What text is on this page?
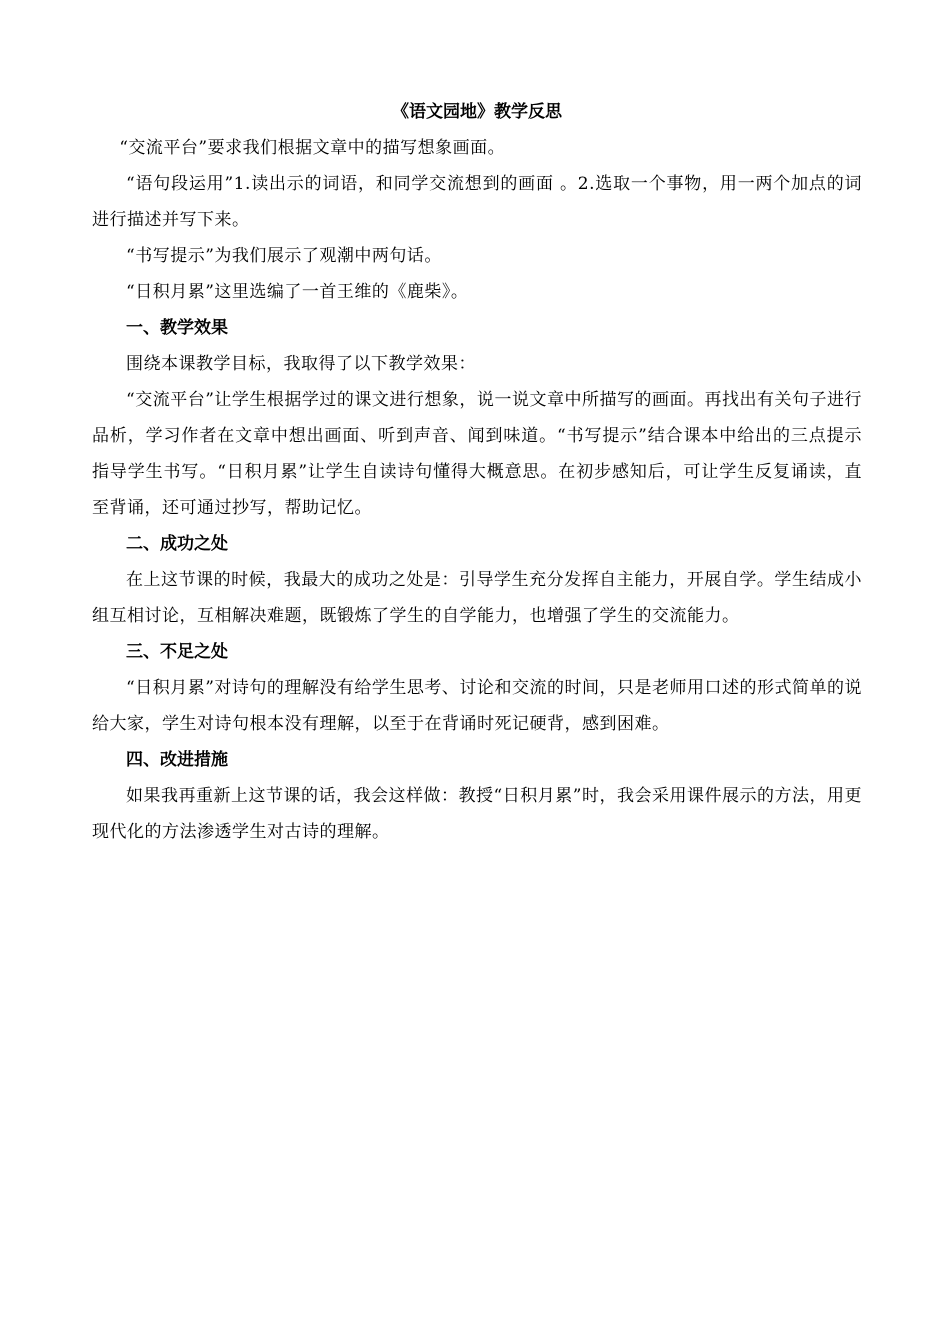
《语文园地》教学反思

“交流平台”要求我们根据文章中的描写想象画面。

“语句段运用”1.读出示的词语，和同学交流想到的画面 。2.选取一个事物，用一两个加点的词进行描述并写下来。

“书写提示”为我们展示了观潮中两句话。

“日积月累”这里选编了一首王维的《鹿柴》。

一、教学效果

围绕本课教学目标，我取得了以下教学效果：

“交流平台”让学生根据学过的课文进行想象，说一说文章中所描写的画面。再找出有关句子进行品析，学习作者在文章中想出画面、听到声音、闻到味道。“书写提示”结合课本中给出的三点提示指导学生书写。“日积月累”让学生自读诗句懂得大概意思。在初步感知后，可让学生反复诵读，直至背诵，还可通过抄写，帮助记忆。

二、成功之处

在上这节课的时候，我最大的成功之处是：引导学生充分发挥自主能力，开展自学。学生结成小组互相讨论，互相解决难题，既锻炼了学生的自学能力，也增强了学生的交流能力。

三、不足之处

“日积月累”对诗句的理解没有给学生思考、讨论和交流的时间，只是老师用口述的形式简单的说给大家，学生对诗句根本没有理解，以至于在背诵时死记硬背，感到困难。

四、改进措施

如果我再重新上这节课的话，我会这样做：教授“日积月累”时，我会采用课件展示的方法，用更现代化的方法渗透学生对古诗的理解。
